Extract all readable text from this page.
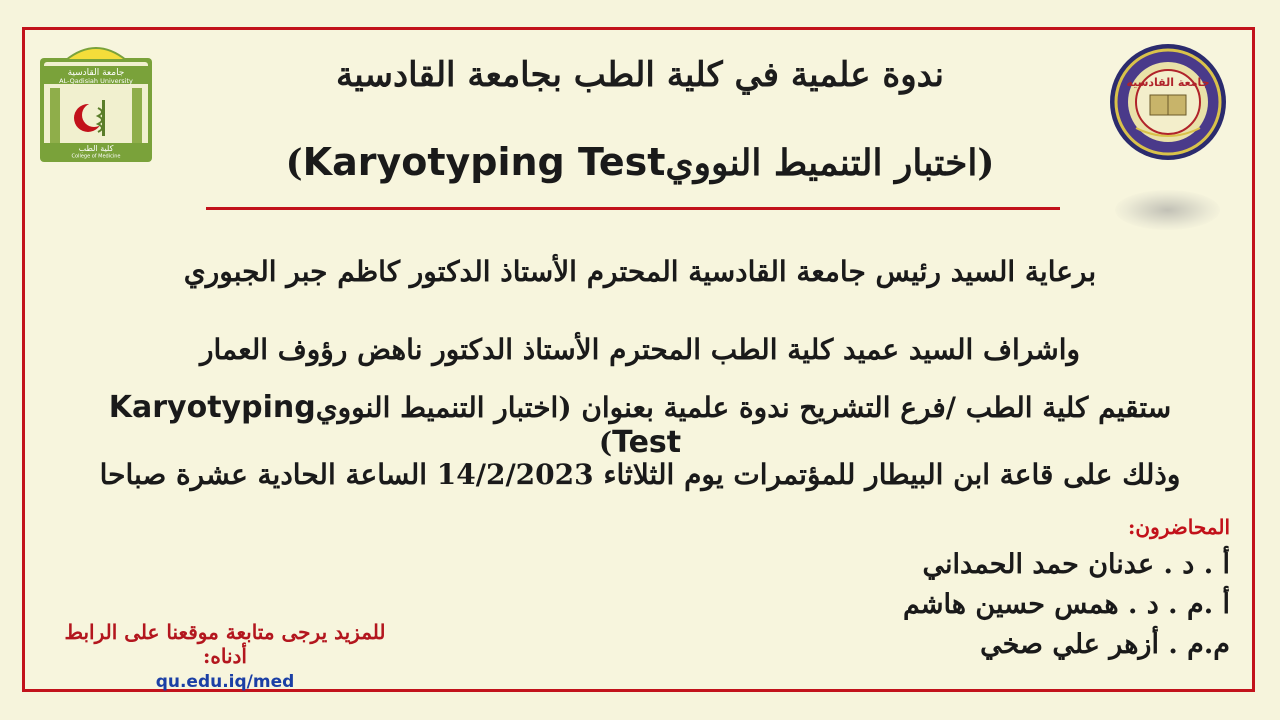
جامعة القادسية
AL-Qadisiah University
كلية الطب
College of Medicine
جامعة القادسية
ندوة علمية في كلية الطب بجامعة القادسية
(اختبار التنميط النوويKaryotyping Test)
برعاية السيد رئيس جامعة القادسية المحترم الأستاذ الدكتور كاظم جبر الجبوري
واشراف السيد عميد كلية الطب المحترم الأستاذ الدكتور ناهض رؤوف العمار
ستقيم كلية الطب /فرع التشريح ندوة علمية بعنوان (اختبار التنميط النوويKaryotyping Test)
وذلك على قاعة ابن البيطار للمؤتمرات يوم الثلاثاء 14/2/2023 الساعة الحادية عشرة صباحا
المحاضرون:
أ . د . عدنان حمد الحمداني
أ .م . د . همس حسين هاشم
م.م . أزهر علي صخي
للمزيد يرجى متابعة موقعنا على الرابط أدناه:
qu.edu.iq/med
